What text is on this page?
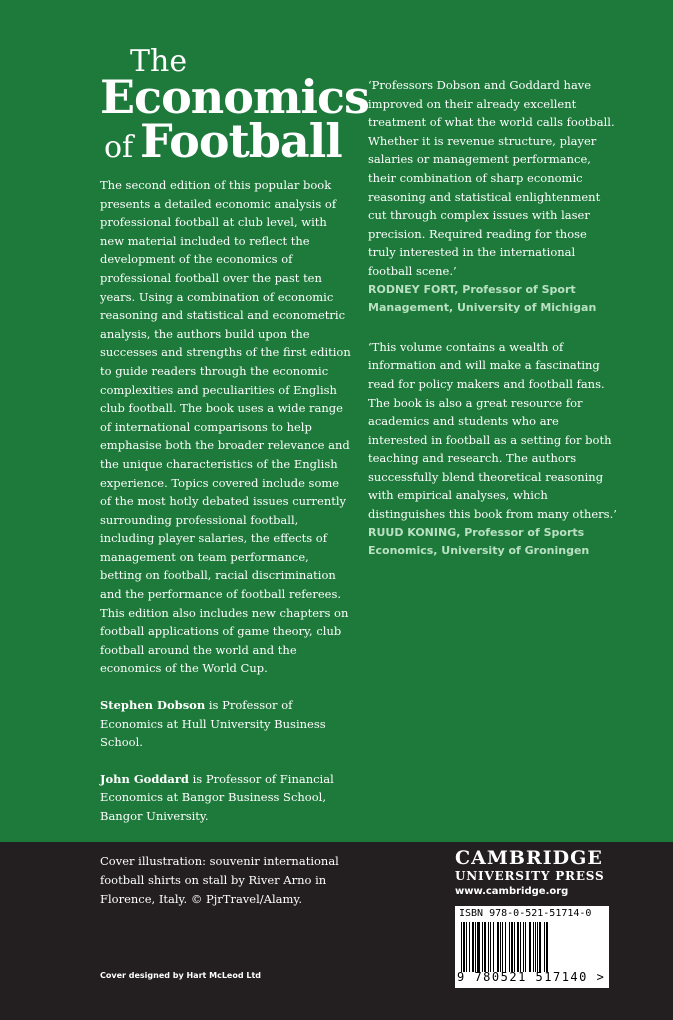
The
Economics
of Football

The second edition of this popular book presents a detailed economic analysis of professional football at club level, with new material included to reflect the development of the economics of professional football over the past ten years. Using a combination of economic reasoning and statistical and econometric analysis, the authors build upon the successes and strengths of the first edition to guide readers through the economic complexities and peculiarities of English club football. The book uses a wide range of international comparisons to help emphasise both the broader relevance and the unique characteristics of the English experience. Topics covered include some of the most hotly debated issues currently surrounding professional football, including player salaries, the effects of management on team performance, betting on football, racial discrimination and the performance of football referees. This edition also includes new chapters on football applications of game theory, club football around the world and the economics of the World Cup.

Stephen Dobson is Professor of Economics at Hull University Business School.

John Goddard is Professor of Financial Economics at Bangor Business School, Bangor University.

‘Professors Dobson and Goddard have improved on their already excellent treatment of what the world calls football. Whether it is revenue structure, player salaries or management performance, their combination of sharp economic reasoning and statistical enlightenment cut through complex issues with laser precision. Required reading for those truly interested in the international football scene.’

RODNEY FORT, Professor of Sport Management, University of Michigan

‘This volume contains a wealth of information and will make a fascinating read for policy makers and football fans. The book is also a great resource for academics and students who are interested in football as a setting for both teaching and research. The authors successfully blend theoretical reasoning with empirical analyses, which distinguishes this book from many others.’

RUUD KONING, Professor of Sports Economics, University of Groningen

Cover illustration: souvenir international football shirts on stall by River Arno in Florence, Italy. © PjrTravel/Alamy.
Cover designed by Hart McLeod Ltd
CAMBRIDGE
UNIVERSITY PRESS
www.cambridge.org
ISBN 978-0-521-51714-0
9 780521 517140 >
